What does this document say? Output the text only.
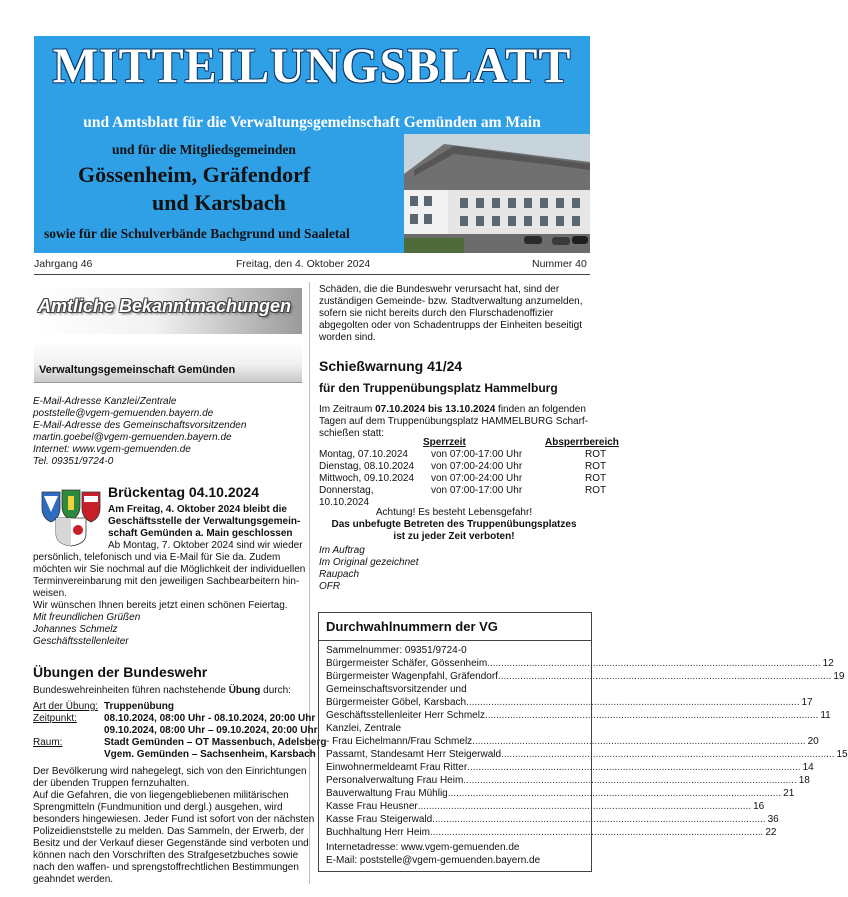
MITTEILUNGSBLATT
und Amtsblatt für die Verwaltungsgemeinschaft Gemünden am Main
und für die Mitgliedsgemeinden
Gössenheim, Gräfendorf
und Karsbach
sowie für die Schulverbände Bachgrund und Saaletal
Jahrgang 46	Freitag, den 4. Oktober 2024	Nummer 40
Amtliche Bekanntmachungen
Verwaltungsgemeinschaft Gemünden
E-Mail-Adresse Kanzlei/Zentrale
poststelle@vgem-gemuenden.bayern.de
E-Mail-Adresse des Gemeinschaftsvorsitzenden
martin.goebel@vgem-gemuenden.bayern.de
Internet: www.vgem-gemuenden.de
Tel. 09351/9724-0
Brückentag 04.10.2024
Am Freitag, 4. Oktober 2024 bleibt die
Geschäftsstelle der Verwaltungsgemein-
schaft Gemünden a. Main geschlossen
Ab Montag, 7. Oktober 2024 sind wir wieder
persönlich, telefonisch und via E-Mail für Sie da. Zudem
möchten wir Sie nochmal auf die Möglichkeit der individuellen
Terminvereinbarung mit den jeweiligen Sachbearbeitern hin-
weisen.
Wir wünschen Ihnen bereits jetzt einen schönen Feiertag.
Mit freundlichen Grüßen
Johannes Schmelz
Geschäftsstellenleiter
Übungen der Bundeswehr
Bundeswehreinheiten führen nachstehende Übung durch:
Art der Übung: Truppenübung
Zeitpunkt:	08.10.2024, 08:00 Uhr - 08.10.2024, 20:00 Uhr
09.10.2024, 08:00 Uhr – 09.10.2024, 20:00 Uhr
Raum:	Stadt Gemünden – OT Massenbuch, Adelsberg
Vgem. Gemünden – Sachsenheim, Karsbach
Der Bevölkerung wird nahegelegt, sich von den Einrichtungen
der übenden Truppen fernzuhalten.
Auf die Gefahren, die von liegengebliebenen militärischen
Sprengmitteln (Fundmunition und dergl.) ausgehen, wird
besonders hingewiesen. Jeder Fund ist sofort von der nächsten
Polizeidienststelle zu melden. Das Sammeln, der Erwerb, der
Besitz und der Verkauf dieser Gegenstände sind verboten und
können nach den Vorschriften des Strafgesetzbuches sowie
nach den waffen- und sprengstoffrechtlichen Bestimmungen
geahndet werden.
Schäden, die die Bundeswehr verursacht hat, sind der
zuständigen Gemeinde- bzw. Stadtverwaltung anzumelden,
sofern sie nicht bereits durch den Flurschadenoffizier
abgegolten oder von Schadentrupps der Einheiten beseitigt
worden sind.
Schießwarnung 41/24
für den Truppenübungsplatz Hammelburg
Im Zeitraum 07.10.2024 bis 13.10.2024 finden an folgenden
Tagen auf dem Truppenübungsplatz HAMMELBURG Scharf-
schießen statt:
	Sperrzeit	Absperrbereich
Montag, 07.10.2024	von 07:00-17:00 Uhr	ROT
Dienstag, 08.10.2024	von 07:00-24:00 Uhr	ROT
Mittwoch, 09.10.2024	von 07:00-24:00 Uhr	ROT
Donnerstag, 10.10.2024	von 07:00-17:00 Uhr	ROT
Achtung! Es besteht Lebensgefahr!
Das unbefugte Betreten des Truppenübungsplatzes
ist zu jeder Zeit verboten!
Im Auftrag
Im Original gezeichnet
Raupach
OFR
Durchwahlnummern der VG
Sammelnummer: 09351/9724-0
Bürgermeister Schäfer, Gössenheim ........................................................................................................................ 12
Bürgermeister Wagenpfahl, Gräfendorf ........................................................................................................................ 19
Gemeinschaftsvorsitzender und
Bürgermeister Göbel, Karsbach ........................................................................................................................ 17
Geschäftsstellenleiter Herr Schmelz ........................................................................................................................ 11
Kanzlei, Zentrale
- Frau Eichelmann/Frau Schmelz ........................................................................................................................ 20
Passamt, Standesamt Herr Steigerwald ........................................................................................................................ 15
Einwohnermeldeamt Frau Ritter ........................................................................................................................ 14
Personalverwaltung Frau Heim ........................................................................................................................ 18
Bauverwaltung Frau Mühlig ........................................................................................................................ 21
Kasse Frau Heusner ........................................................................................................................ 16
Kasse Frau Steigerwald ........................................................................................................................ 36
Buchhaltung Herr Heim ........................................................................................................................ 22
Internetadresse: www.vgem-gemuenden.de
E-Mail: poststelle@vgem-gemuenden.bayern.de
